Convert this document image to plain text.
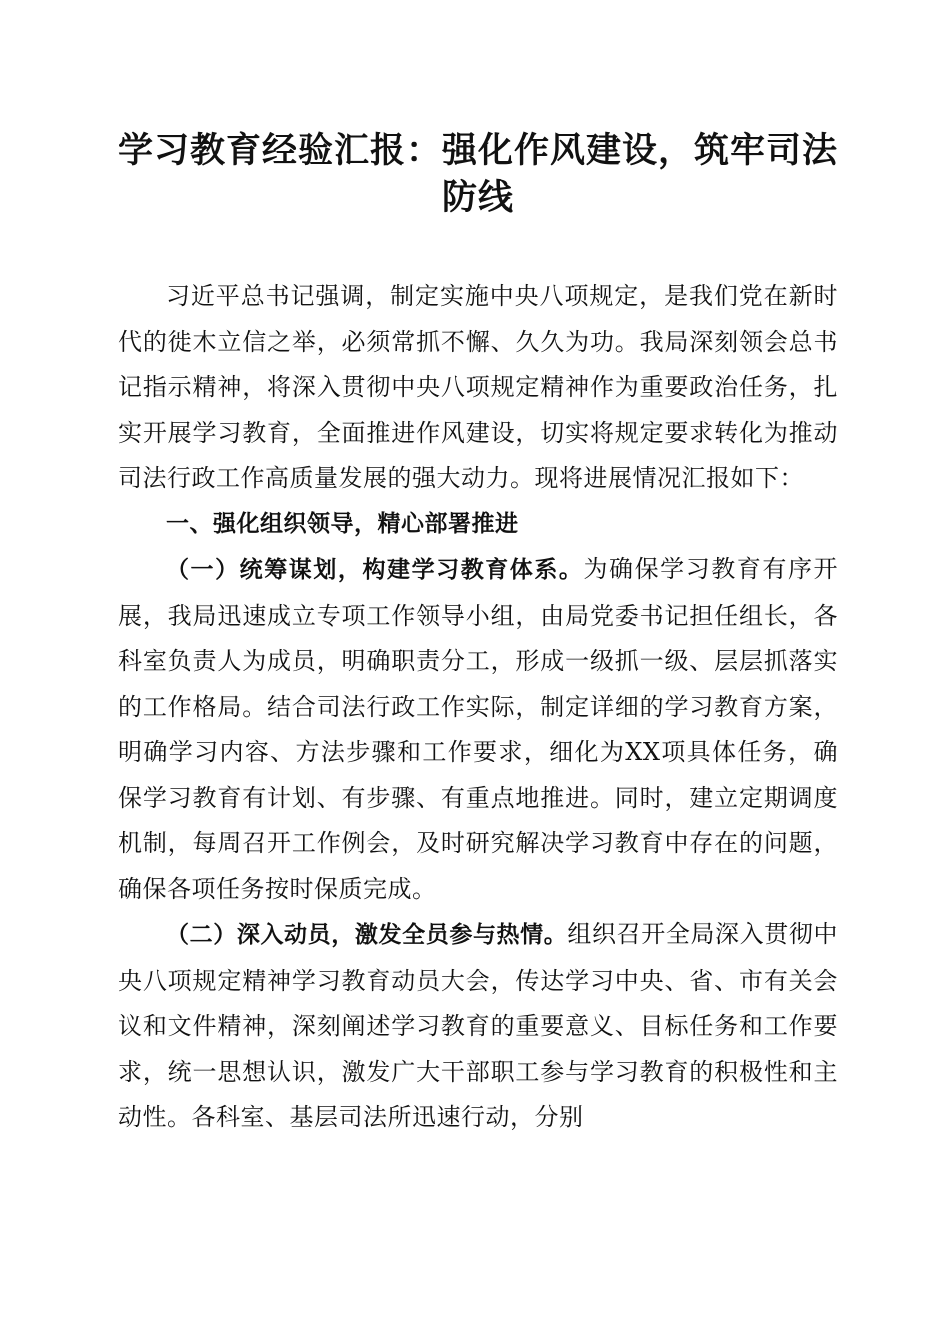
学习教育经验汇报：强化作风建设，筑牢司法
防线

习近平总书记强调，制定实施中央八项规定，是我们党在新时代的徙木立信之举，必须常抓不懈、久久为功。我局深刻领会总书记指示精神，将深入贯彻中央八项规定精神作为重要政治任务，扎实开展学习教育，全面推进作风建设，切实将规定要求转化为推动司法行政工作高质量发展的强大动力。现将进展情况汇报如下：

一、强化组织领导，精心部署推进

（一）统筹谋划，构建学习教育体系。为确保学习教育有序开展，我局迅速成立专项工作领导小组，由局党委书记担任组长，各科室负责人为成员，明确职责分工，形成一级抓一级、层层抓落实的工作格局。结合司法行政工作实际，制定详细的学习教育方案，明确学习内容、方法步骤和工作要求，细化为XX项具体任务，确保学习教育有计划、有步骤、有重点地推进。同时，建立定期调度机制，每周召开工作例会，及时研究解决学习教育中存在的问题，确保各项任务按时保质完成。

（二）深入动员，激发全员参与热情。组织召开全局深入贯彻中央八项规定精神学习教育动员大会，传达学习中央、省、市有关会议和文件精神，深刻阐述学习教育的重要意义、目标任务和工作要求，统一思想认识，激发广大干部职工参与学习教育的积极性和主动性。各科室、基层司法所迅速行动，分别
